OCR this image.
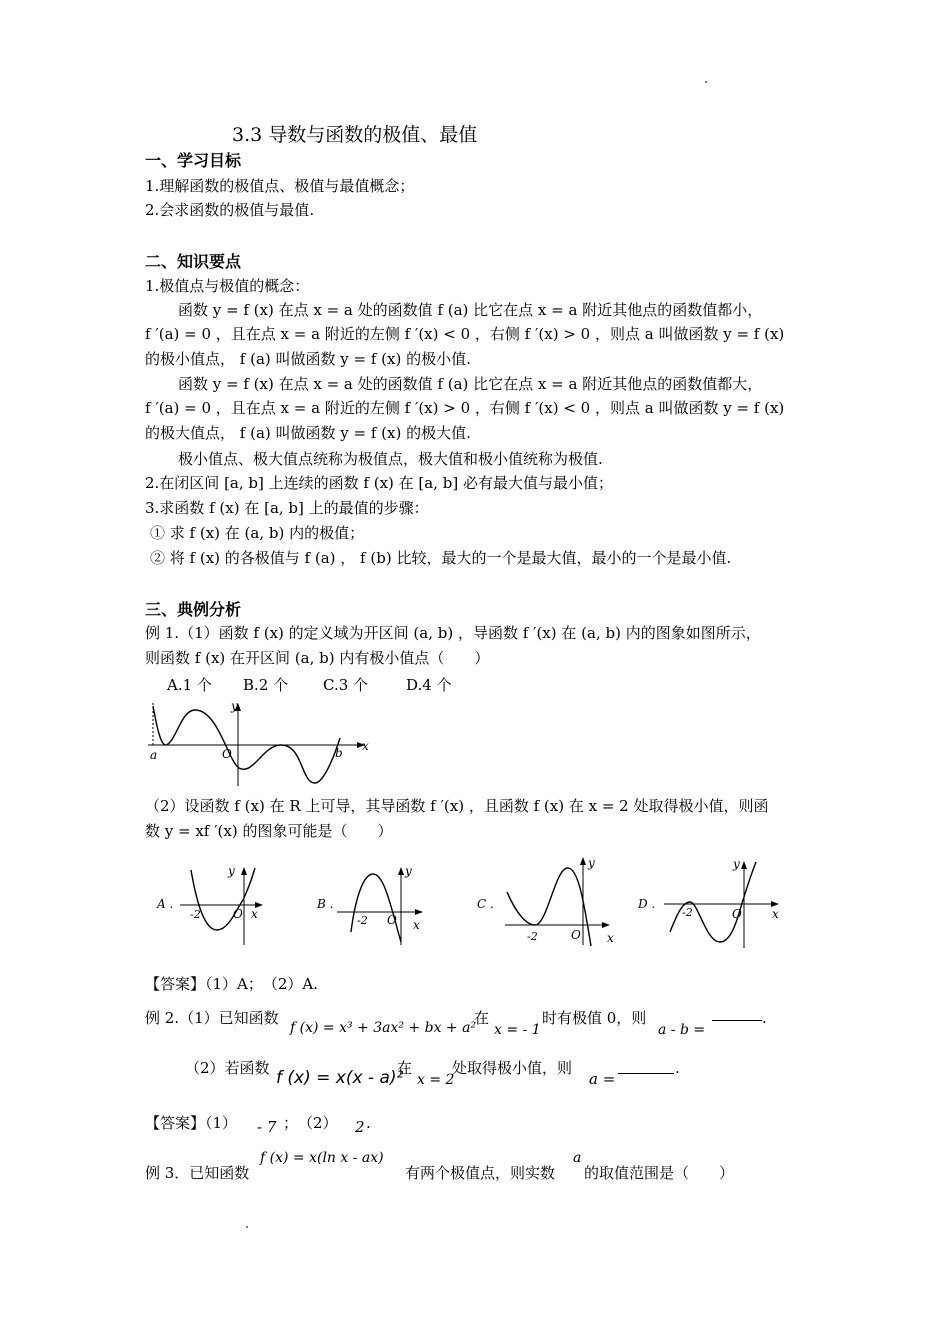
3.3 导数与函数的极值、最值
一、学习目标
1.理解函数的极值点、极值与最值概念；
2.会求函数的极值与最值.
二、知识要点
1.极值点与极值的概念：
函数 y = f (x) 在点 x = a 处的函数值 f (a) 比它在点 x = a 附近其他点的函数值都小，
f ′(a) = 0 ，且在点 x = a 附近的左侧 f ′(x) < 0 ，右侧 f ′(x) > 0 ，则点 a 叫做函数 y = f (x)
的极小值点， f (a) 叫做函数 y = f (x) 的极小值.
函数 y = f (x) 在点 x = a 处的函数值 f (a) 比它在点 x = a 附近其他点的函数值都大，
f ′(a) = 0 ，且在点 x = a 附近的左侧 f ′(x) > 0 ，右侧 f ′(x) < 0 ，则点 a 叫做函数 y = f (x)
的极大值点， f (a) 叫做函数 y = f (x) 的极大值.
极小值点、极大值点统称为极值点，极大值和极小值统称为极值.
2.在闭区间 [a, b] 上连续的函数 f (x) 在 [a, b] 必有最大值与最小值；
3.求函数 f (x) 在 [a, b] 上的最值的步骤：
① 求 f (x) 在 (a, b) 内的极值；
② 将 f (x) 的各极值与 f (a) ， f (b) 比较，最大的一个是最大值，最小的一个是最小值.
三、典例分析
例 1.（1）函数 f (x) 的定义域为开区间 (a, b) ，导函数 f ′(x) 在 (a, b) 内的图象如图所示，
则函数 f (x) 在开区间 (a, b) 内有极小值点（　　）
A.1 个 B.2 个 C.3 个	D.4 个
a	O	b x
y
（2）设函数 f (x) 在 R 上可导，其导函数 f ′(x) ，且函数 f (x) 在 x = 2 处取得极小值，则函
数 y = xf ′(x) 的图象可能是（　　）
A .
-2	O x
y
B .
-2 O x
y
C .
-2	O x
y
D .
-2	O	x
y
【答案】（1）A；　（2）A.
例 2.（1）已知函数
f (x) = x³ + 3ax² + bx + a²
在
x = - 1
时有极值 0，则
a - b =
.
（2）若函数 f (x) = x(x - a)²
在
x = 2
处取得极小值，则
a =
.
【答案】（1） - 7 ；　（2） 2 .
例 3．已知函数
f (x) = x(ln x - ax)
有两个极值点，则实数
a
的取值范围是（　　）
